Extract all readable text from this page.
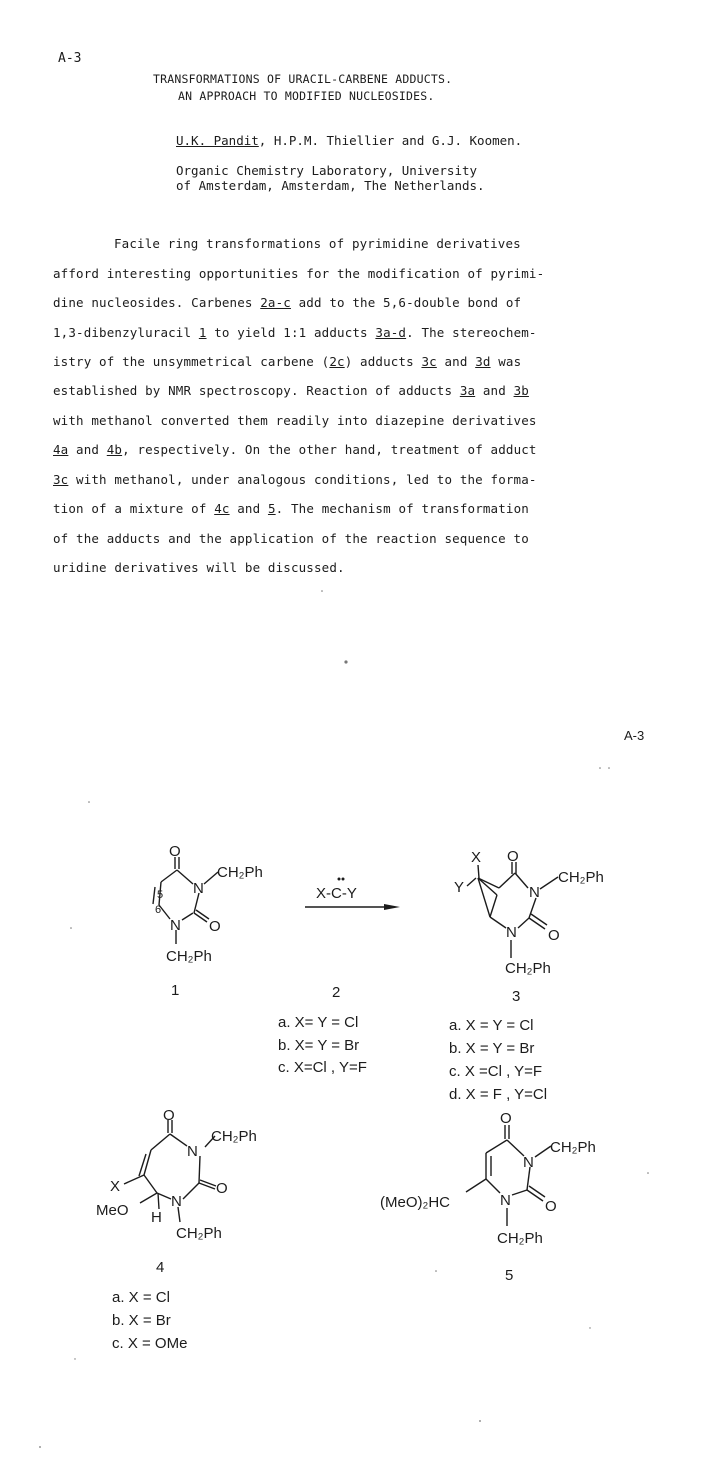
A-3
TRANSFORMATIONS OF URACIL-CARBENE ADDUCTS.
AN APPROACH TO MODIFIED NUCLEOSIDES.
U.K. Pandit, H.P.M. Thiellier and G.J. Koomen.
Organic Chemistry Laboratory, University
of Amsterdam, Amsterdam, The Netherlands.
Facile ring transformations of pyrimidine derivatives
afford interesting opportunities for the modification of pyrimi-
dine nucleosides. Carbenes 2a-c add to the 5,6-double bond of
1,3-dibenzyluracil 1 to yield 1:1 adducts 3a-d. The stereochem-
istry of the unsymmetrical carbene (2c) adducts 3c and 3d was
established by NMR spectroscopy. Reaction of adducts 3a and 3b
with methanol converted them readily into diazepine derivatives
4a and 4b, respectively. On the other hand, treatment of adduct
3c with methanol, under analogous conditions, led to the forma-
tion of a mixture of 4c and 5. The mechanism of transformation
of the adducts and the application of the reaction sequence to
uridine derivatives will be discussed.
A-3
O
N
CH₂Ph
5
6
N O
CH₂Ph
1
X-C-Y
2
X
Y
O
N
CH₂Ph
N O
CH₂Ph
3
O
N
CH₂Ph
X
MeO H
N
O
CH₂Ph
4
O
N
CH₂Ph
(MeO)₂HC	N O
CH₂Ph
5
a. X= Y = Cl
b. X= Y = Br
c. X=Cl , Y=F
a. X = Y = Cl
b. X = Y = Br
c. X =Cl , Y=F
d. X = F , Y=Cl
a. X = Cl
b. X = Br
c. X = OMe
